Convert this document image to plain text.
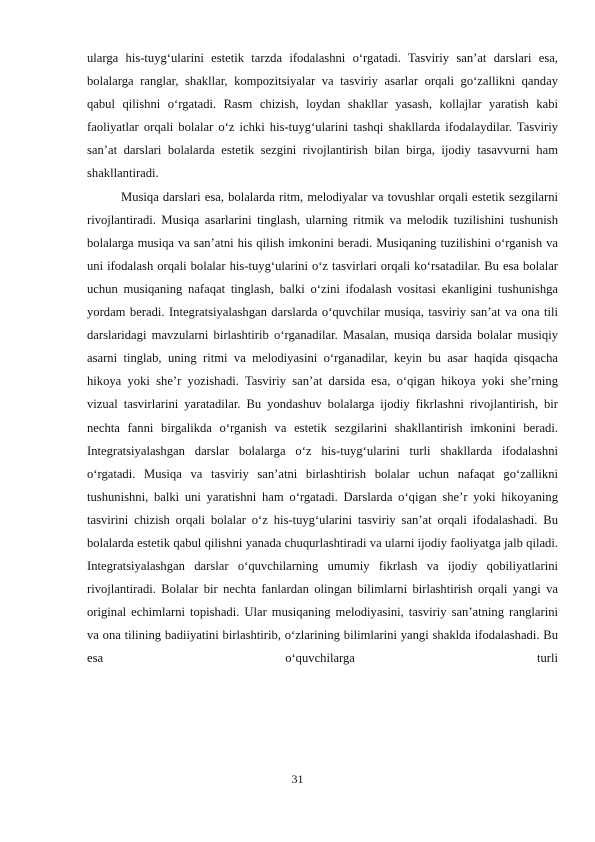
ularga his-tuyg‘ularini estetik tarzda ifodalashni o‘rgatadi. Tasviriy san’at darslari esa, bolalarga ranglar, shakllar, kompozitsiyalar va tasviriy asarlar orqali go‘zallikni qanday qabul qilishni o‘rgatadi. Rasm chizish, loydan shakllar yasash, kollajlar yaratish kabi faoliyatlar orqali bolalar o‘z ichki his-tuyg‘ularini tashqi shakllarda ifodalaydilar. Tasviriy san’at darslari bolalarda estetik sezgini rivojlantirish bilan birga, ijodiy tasavvurni ham shakllantiradi.

Musiqa darslari esa, bolalarda ritm, melodiyalar va tovushlar orqali estetik sezgilarni rivojlantiradi. Musiqa asarlarini tinglash, ularning ritmik va melodik tuzilishini tushunish bolalarga musiqa va san’atni his qilish imkonini beradi. Musiqaning tuzilishini o‘rganish va uni ifodalash orqali bolalar his-tuyg‘ularini o‘z tasvirlari orqali ko‘rsatadilar. Bu esa bolalar uchun musiqaning nafaqat tinglash, balki o‘zini ifodalash vositasi ekanligini tushunishga yordam beradi. Integratsiyalashgan darslarda o‘quvchilar musiqa, tasviriy san’at va ona tili darslaridagi mavzularni birlashtirib o‘rganadilar. Masalan, musiqa darsida bolalar musiqiy asarni tinglab, uning ritmi va melodiyasini o‘rganadilar, keyin bu asar haqida qisqacha hikoya yoki she’r yozishadi. Tasviriy san’at darsida esa, o‘qigan hikoya yoki she’rning vizual tasvirlarini yaratadilar. Bu yondashuv bolalarga ijodiy fikrlashni rivojlantirish, bir nechta fanni birgalikda o‘rganish va estetik sezgilarini shakllantirish imkonini beradi. Integratsiyalashgan darslar bolalarga o‘z his-tuyg‘ularini turli shakllarda ifodalashni o‘rgatadi. Musiqa va tasviriy san’atni birlashtirish bolalar uchun nafaqat go‘zallikni tushunishni, balki uni yaratishni ham o‘rgatadi. Darslarda o‘qigan she’r yoki hikoyaning tasvirini chizish orqali bolalar o‘z his-tuyg‘ularini tasviriy san’at orqali ifodalashadi. Bu bolalarda estetik qabul qilishni yanada chuqurlashtiradi va ularni ijodiy faoliyatga jalb qiladi. Integratsiyalashgan darslar o‘quvchilarning umumiy fikrlash va ijodiy qobiliyatlarini rivojlantiradi. Bolalar bir nechta fanlardan olingan bilimlarni birlashtirish orqali yangi va original echimlarni topishadi. Ular musiqaning melodiyasini, tasviriy san’atning ranglarini va ona tilining badiiyatini birlashtirib, o‘zlarining bilimlarini yangi shaklda ifodalashadi. Bu esa o‘quvchilarga turli

31
